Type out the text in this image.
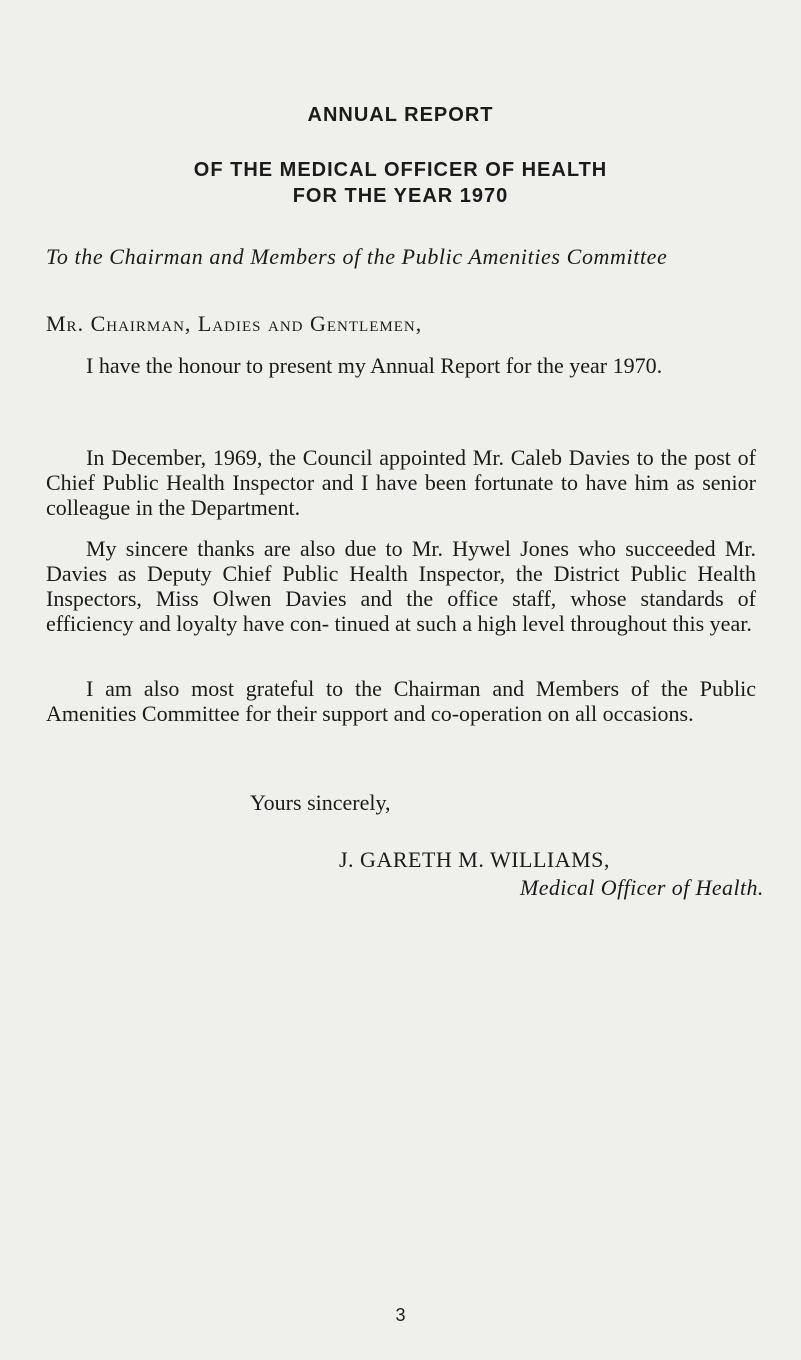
ANNUAL REPORT
OF THE MEDICAL OFFICER OF HEALTH
FOR THE YEAR 1970

To the Chairman and Members of the Public Amenities Committee

Mr. Chairman, Ladies and Gentlemen,

I have the honour to present my Annual Report for the year 1970.

In December, 1969, the Council appointed Mr. Caleb Davies to the post of Chief Public Health Inspector and I have been fortunate to have him as senior colleague in the Department.

My sincere thanks are also due to Mr. Hywel Jones who succeeded Mr. Davies as Deputy Chief Public Health Inspector, the District Public Health Inspectors, Miss Olwen Davies and the office staff, whose standards of efficiency and loyalty have con- tinued at such a high level throughout this year.

I am also most grateful to the Chairman and Members of the Public Amenities Committee for their support and co-operation on all occasions.

Yours sincerely,

J. GARETH M. WILLIAMS,

Medical Officer of Health.

3
